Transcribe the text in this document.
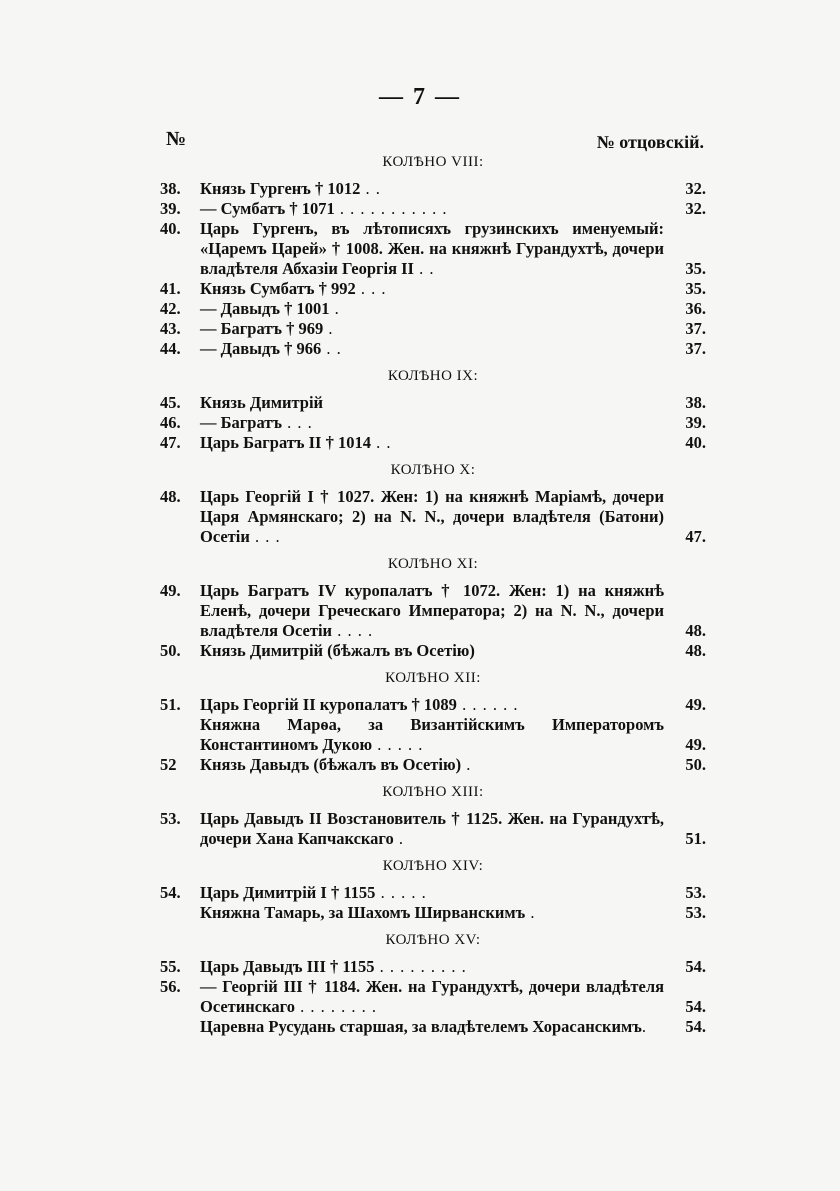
— 7 —
№	№ отцовскій.
КОЛѢНО VIII:
38. Князь Гургенъ † 1012 . .	32.
39. — Сумбатъ † 1071 . . . . . . . . . . .	32.
40. Царь Гургенъ, въ лѣтописяхъ грузинскихъ именуемый: «Царемъ Царей» † 1008. Жен. на княжнѣ Гурандухтѣ, дочери владѣтеля Абхазіи Георгія II . .	35.
41. Князь Сумбатъ † 992 . . .	35.
42. — Давыдъ † 1001 .	36.
43. — Багратъ † 969 .	37.
44. — Давыдъ † 966 . .	37.
КОЛѢНО IX:
45. Князь Димитрій	38.
46. — Багратъ . . .	39.
47. Царь Багратъ II † 1014 . .	40.
КОЛѢНО X:
48. Царь Георгій I † 1027. Жен: 1) на княжнѣ Маріамѣ, дочери Царя Армянскаго; 2) на N. N., дочери владѣтеля (Батони) Осетіи . . .	47.
КОЛѢНО XI:
49. Царь Багратъ IV куропалатъ † 1072. Жен: 1) на княжнѣ Еленѣ, дочери Греческаго Императора; 2) на N. N., дочери владѣтеля Осетіи . . . .	48.
50. Князь Димитрій (бѣжалъ въ Осетію)	48.
КОЛѢНО XII:
51. Царь Георгій II куропалатъ † 1089 . . . . . .	49.
Княжна Марѳа, за Византійскимъ Императоромъ Константиномъ Дукою . . . . .	49.
52 Князь Давыдъ (бѣжалъ въ Осетію) .	50.
КОЛѢНО XIII:
53. Царь Давыдъ II Возстановитель † 1125. Жен. на Гурандухтѣ, дочери Хана Капчакскаго .	51.
КОЛѢНО XIV:
54. Царь Димитрій I † 1155 . . . . .	53.
Княжна Тамарь, за Шахомъ Ширванскимъ .	53.
КОЛѢНО XV:
55. Царь Давыдъ III † 1155 . . . . . . . . .	54.
56. — Георгій III † 1184. Жен. на Гурандухтѣ, дочери владѣтеля Осетинскаго . . . . . . . .	54.
Царевна Русудань старшая, за владѣтелемъ Хорасанскимъ.	54.
